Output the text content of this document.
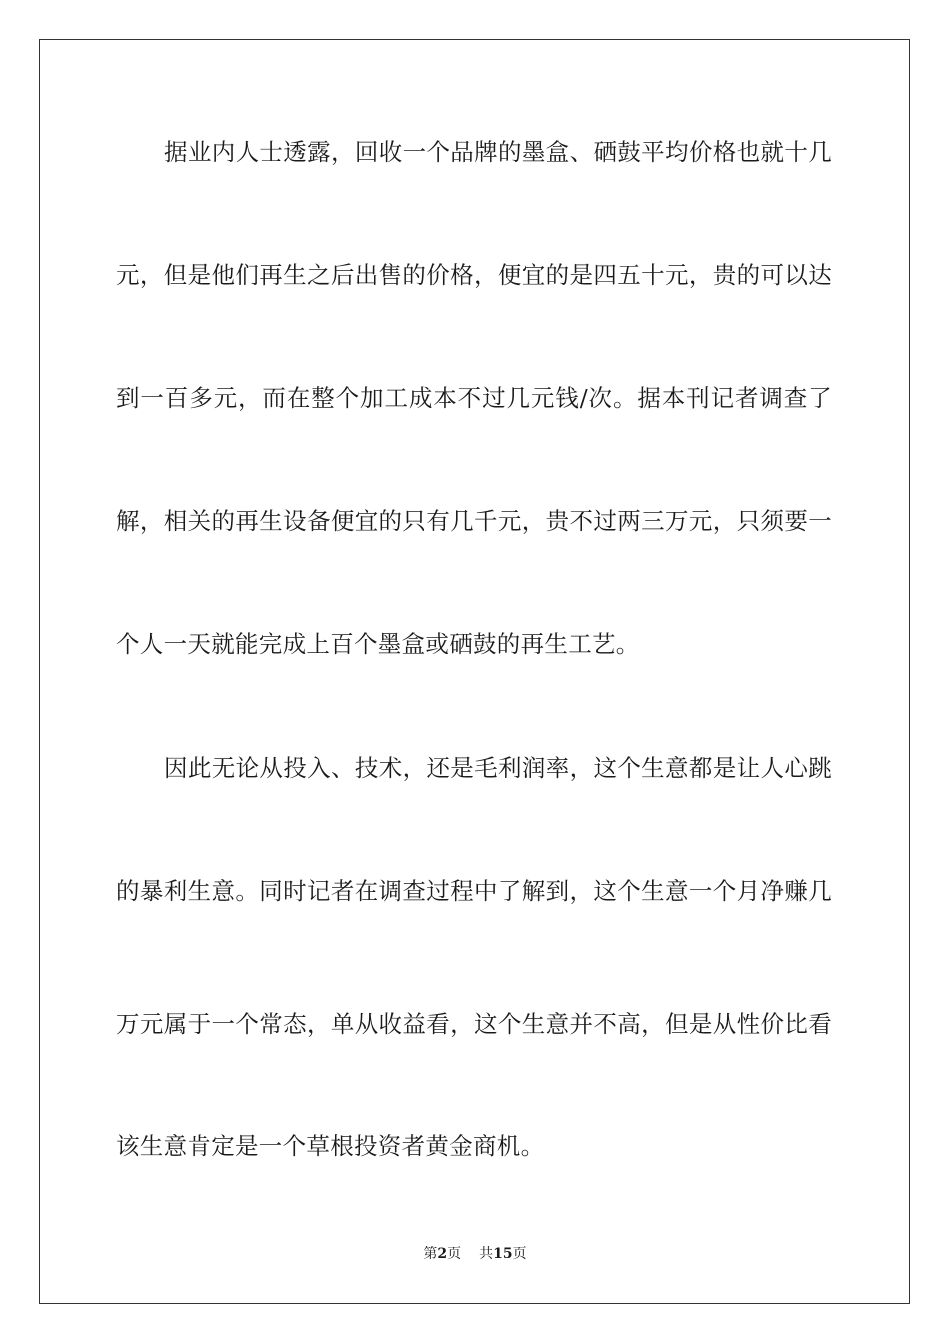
据业内人士透露，回收一个品牌的墨盒、硒鼓平均价格也就十几
元，但是他们再生之后出售的价格，便宜的是四五十元，贵的可以达
到一百多元，而在整个加工成本不过几元钱/次。据本刊记者调查了
解，相关的再生设备便宜的只有几千元，贵不过两三万元，只须要一
个人一天就能完成上百个墨盒或硒鼓的再生工艺。
因此无论从投入、技术，还是毛利润率，这个生意都是让人心跳
的暴利生意。同时记者在调查过程中了解到，这个生意一个月净赚几
万元属于一个常态，单从收益看，这个生意并不高，但是从性价比看
该生意肯定是一个草根投资者黄金商机。
第2页 共15页
